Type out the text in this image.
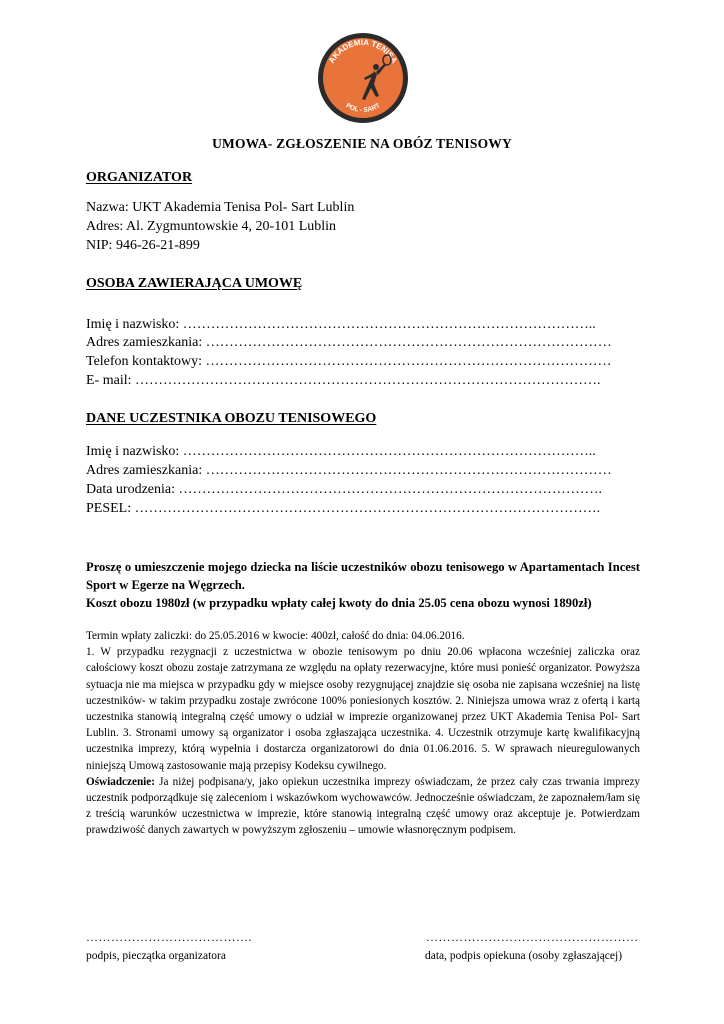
AKADEMIA TENISA
POL - SART
UMOWA- ZGŁOSZENIE NA OBÓZ TENISOWY
ORGANIZATOR
Nazwa: UKT Akademia Tenisa Pol- Sart Lublin
Adres: Al. Zygmuntowskie 4, 20-101 Lublin
NIP: 946-26-21-899
OSOBA ZAWIERAJĄCA UMOWĘ
Imię i nazwisko: ……………………………………………………………………………..
Adres zamieszkania: ……………………………………………………………………………
Telefon kontaktowy: ……………………………………………………………………………
E- mail: ……………………………………………………………………………………….
DANE UCZESTNIKA OBOZU TENISOWEGO
Imię i nazwisko: ……………………………………………………………………………..
Adres zamieszkania: ……………………………………………………………………………
Data urodzenia: ……………………………………………………………………………….
PESEL: ……………………………………………………………………………………….
Proszę o umieszczenie mojego dziecka na liście uczestników obozu tenisowego w Apartamentach Incest Sport w Egerze na Węgrzech.
Koszt obozu 1980zł (w przypadku wpłaty całej kwoty do dnia 25.05 cena obozu wynosi 1890zł)

Termin wpłaty zaliczki: do 25.05.2016 w kwocie: 400zł, całość do dnia: 04.06.2016.

1. W przypadku rezygnacji z uczestnictwa w obozie tenisowym po dniu 20.06 wpłacona wcześniej zaliczka oraz całościowy koszt obozu zostaje zatrzymana ze względu na opłaty rezerwacyjne, które musi ponieść organizator. Powyższa sytuacja nie ma miejsca w przypadku gdy w miejsce osoby rezygnującej znajdzie się osoba nie zapisana wcześniej na listę uczestników- w takim przypadku zostaje zwrócone 100% poniesionych kosztów. 2. Niniejsza umowa wraz z ofertą i kartą uczestnika stanowią integralną część umowy o udział w imprezie organizowanej przez UKT Akademia Tenisa Pol- Sart Lublin. 3. Stronami umowy są organizator i osoba zgłaszająca uczestnika. 4. Uczestnik otrzymuje kartę kwalifikacyjną uczestnika imprezy, którą wypełnia i dostarcza organizatorowi do dnia 01.06.2016. 5. W sprawach nieuregulowanych niniejszą Umową zastosowanie mają przepisy Kodeksu cywilnego.

Oświadczenie: Ja niżej podpisana/y, jako opiekun uczestnika imprezy oświadczam, że przez cały czas trwania imprezy uczestnik podporządkuje się zaleceniom i wskazówkom wychowawców. Jednocześnie oświadczam, że zapoznałem/łam się z treścią warunków uczestnictwa w imprezie, które stanowią integralną część umowy oraz akceptuje je. Potwierdzam prawdziwość danych zawartych w powyższym zgłoszeniu – umowie własnoręcznym podpisem.

………………………………….
podpis, pieczątka organizatora
……………………………………………
data, podpis opiekuna (osoby zgłaszającej)
